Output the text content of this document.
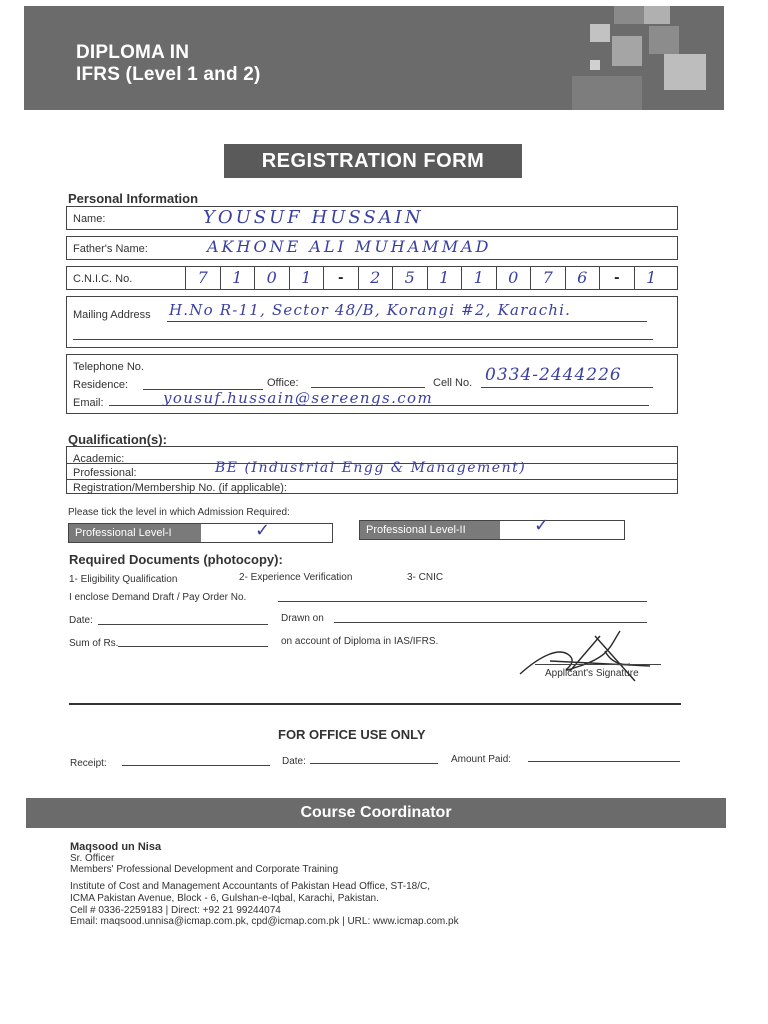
DIPLOMA IN
IFRS (Level 1 and 2)
REGISTRATION FORM
Personal Information
Name:	YOUSUF HUSSAIN
Father's Name:	AKHONE ALI MUHAMMAD
C.N.I.C. No.	7	1	0	1	-	2	5	1	1	0	7	6	-	1
Mailing Address H.No R-11, Sector 48/B, Korangi #2, Karachi.
Telephone No.
Residence:	Office:	Cell No. 0334-2444226
Email:	yousuf.hussain@sereengs.com
Qualification(s):
Academic:
Professional:	BE (Industrial Engg & Management)
Registration/Membership No. (if applicable):
Please tick the level in which Admission Required:
Professional Level-I	✓	Professional Level-II	✓
Required Documents (photocopy):
1- Eligibility Qualification	2- Experience Verification	3- CNIC
I enclose Demand Draft / Pay Order No.
Date:	Drawn on
Sum of Rs.	on account of Diploma in IAS/IFRS.
Applicant's Signature
FOR OFFICE USE ONLY
Receipt:	Date:	Amount Paid:
Course Coordinator
Maqsood un Nisa
Sr. Officer
Members' Professional Development and Corporate Training
Institute of Cost and Management Accountants of Pakistan Head Office, ST-18/C,
ICMA Pakistan Avenue, Block - 6, Gulshan-e-Iqbal, Karachi, Pakistan.
Cell # 0336-2259183 | Direct: +92 21 99244074
Email: maqsood.unnisa@icmap.com.pk, cpd@icmap.com.pk | URL: www.icmap.com.pk
